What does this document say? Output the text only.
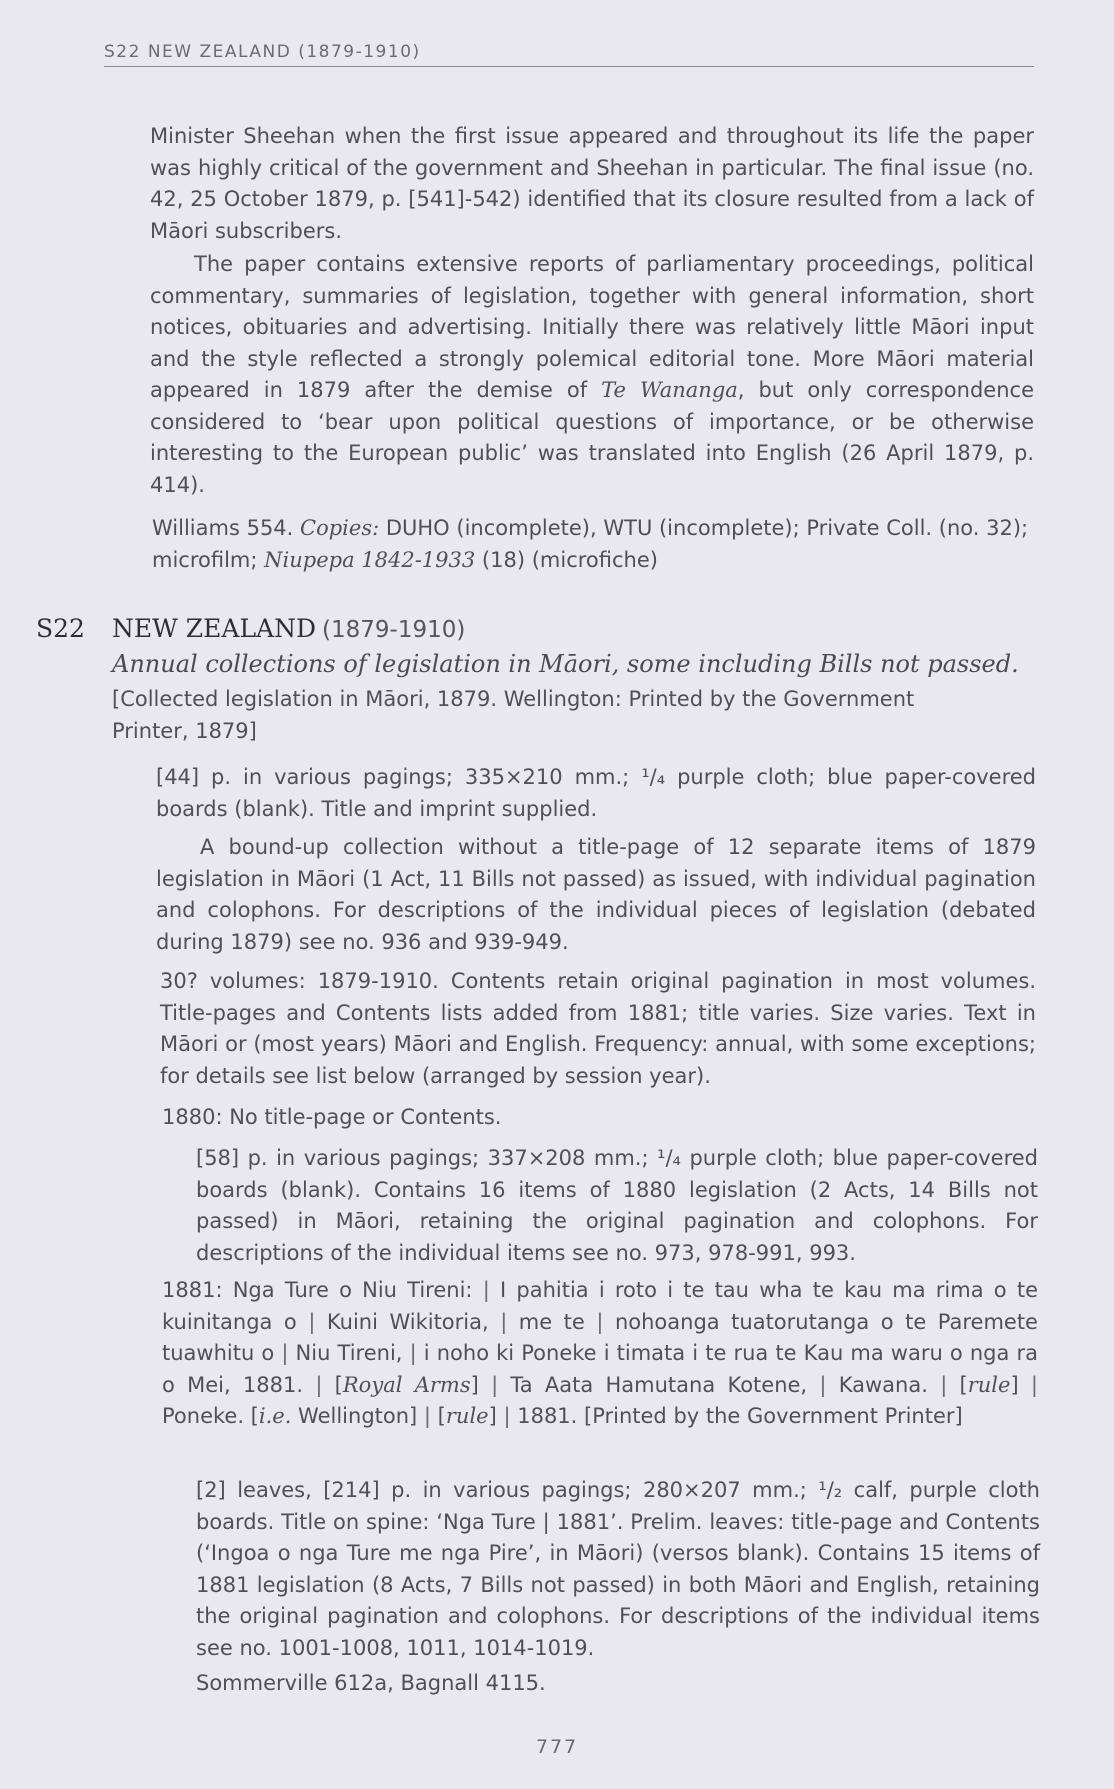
S22 NEW ZEALAND (1879-1910)

Minister Sheehan when the first issue appeared and throughout its life the paper was highly critical of the government and Sheehan in particular. The final issue (no. 42, 25 October 1879, p. [541]-542) identified that its closure resulted from a lack of Māori subscribers.

The paper contains extensive reports of parliamentary proceedings, political commentary, summaries of legislation, together with general information, short notices, obituaries and advertising. Initially there was relatively little Māori input and the style reflected a strongly polemical editorial tone. More Māori material appeared in 1879 after the demise of Te Wananga, but only correspondence considered to ‘bear upon political questions of importance, or be otherwise interesting to the European public’ was translated into English (26 April 1879, p. 414).

Williams 554. Copies: DUHO (incomplete), WTU (incomplete); Private Coll. (no. 32); microfilm; Niupepa 1842-1933 (18) (microfiche)

S22 NEW ZEALAND (1879-1910)
Annual collections of legislation in Māori, some including Bills not passed.

[Collected legislation in Māori, 1879. Wellington: Printed by the Government Printer, 1879]

[44] p. in various pagings; 335×210 mm.; ¹/₄ purple cloth; blue paper-covered boards (blank). Title and imprint supplied.

A bound-up collection without a title-page of 12 separate items of 1879 legislation in Māori (1 Act, 11 Bills not passed) as issued, with individual pagination and colophons. For descriptions of the individual pieces of legislation (debated during 1879) see no. 936 and 939-949.

30? volumes: 1879-1910. Contents retain original pagination in most volumes. Title-pages and Contents lists added from 1881; title varies. Size varies. Text in Māori or (most years) Māori and English. Frequency: annual, with some exceptions; for details see list below (arranged by session year).

1880: No title-page or Contents.

[58] p. in various pagings; 337×208 mm.; ¹/₄ purple cloth; blue paper-covered boards (blank). Contains 16 items of 1880 legislation (2 Acts, 14 Bills not passed) in Māori, retaining the original pagination and colophons. For descriptions of the individual items see no. 973, 978-991, 993.

1881: Nga Ture o Niu Tireni: | I pahitia i roto i te tau wha te kau ma rima o te kuinitanga o | Kuini Wikitoria, | me te | nohoanga tuatorutanga o te Paremete tuawhitu o | Niu Tireni, | i noho ki Poneke i timata i te rua te Kau ma waru o nga ra o Mei, 1881. | [Royal Arms] | Ta Aata Hamutana Kotene, | Kawana. | [rule] | Poneke. [i.e. Wellington] | [rule] | 1881. [Printed by the Government Printer]

[2] leaves, [214] p. in various pagings; 280×207 mm.; ¹/₂ calf, purple cloth boards. Title on spine: ‘Nga Ture | 1881’. Prelim. leaves: title-page and Contents (‘Ingoa o nga Ture me nga Pire’, in Māori) (versos blank). Contains 15 items of 1881 legislation (8 Acts, 7 Bills not passed) in both Māori and English, retaining the original pagination and colophons. For descriptions of the individual items see no. 1001-1008, 1011, 1014-1019.

Sommerville 612a, Bagnall 4115.

777
